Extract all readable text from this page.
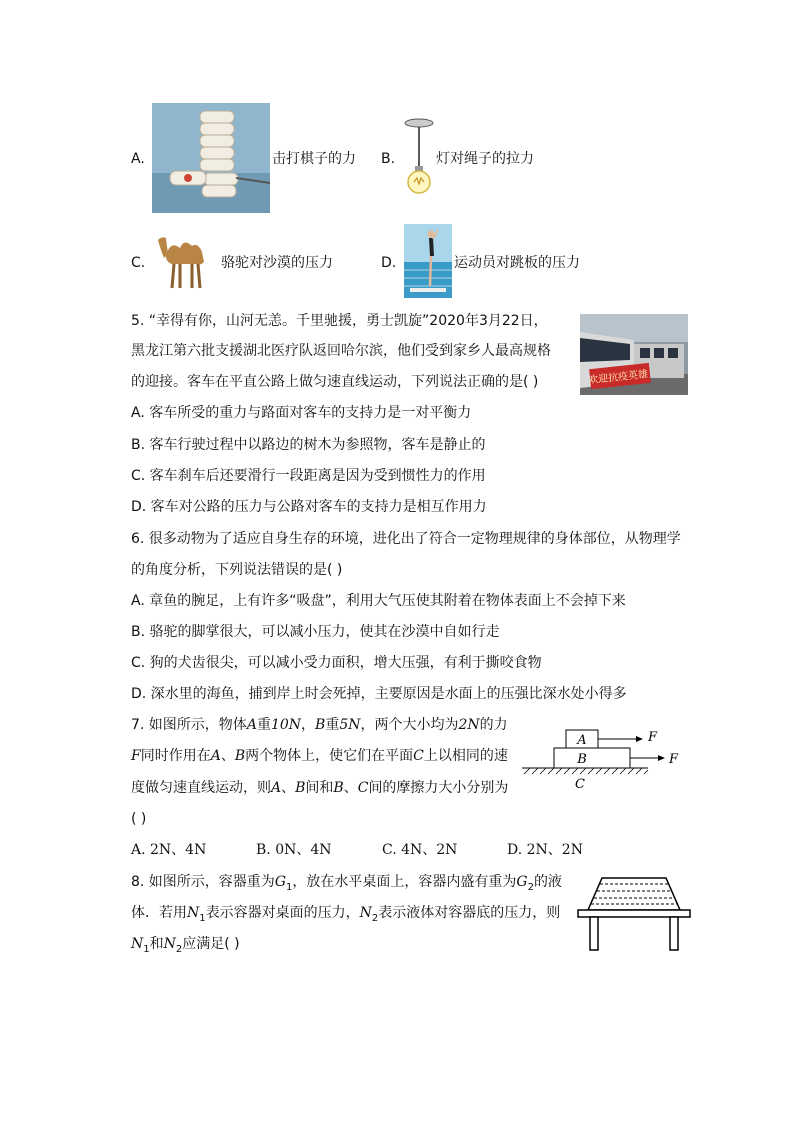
A.	击打棋子的力 B.	灯对绳子的拉力
C.	骆驼对沙漠的压力	D.	运动员对跳板的压力
5. “幸得有你，山河无恙。千里驰援，勇士凯旋”2020年3月22日，
黑龙江第六批支援湖北医疗队返回哈尔滨，他们受到家乡人最高规格
的迎接。客车在平直公路上做匀速直线运动，下列说法正确的是( )	欢迎抗疫英雄
A. 客车所受的重力与路面对客车的支持力是一对平衡力
B. 客车行驶过程中以路边的树木为参照物，客车是静止的
C. 客车刹车后还要滑行一段距离是因为受到惯性力的作用
D. 客车对公路的压力与公路对客车的支持力是相互作用力
6. 很多动物为了适应自身生存的环境，进化出了符合一定物理规律的身体部位，从物理学
的角度分析，下列说法错误的是( )
A. 章鱼的腕足，上有许多“吸盘”，利用大气压使其附着在物体表面上不会掉下来
B. 骆驼的脚掌很大，可以减小压力，使其在沙漠中自如行走
C. 狗的犬齿很尖，可以减小受力面积，增大压强，有利于撕咬食物
D. 深水里的海鱼，捕到岸上时会死掉，主要原因是水面上的压强比深水处小得多
7. 如图所示，物体A重10N，B重5N，两个大小均为2N的力
F同时作用在A、B两个物体上，使它们在平面C上以相同的速
度做匀速直线运动，则A、B间和B、C间的摩擦力大小分别为
( )
A
B
C
F
F
A. 2N、4N	B. 0N、4N	C. 4N、2N	D. 2N、2N
8. 如图所示，容器重为$G_1$，放在水平桌面上，容器内盛有重为$G_2$的液
体．若用$N_1$表示容器对桌面的压力，$N_2$表示液体对容器底的压力，则
$N_1$和$N_2$应满足( )
